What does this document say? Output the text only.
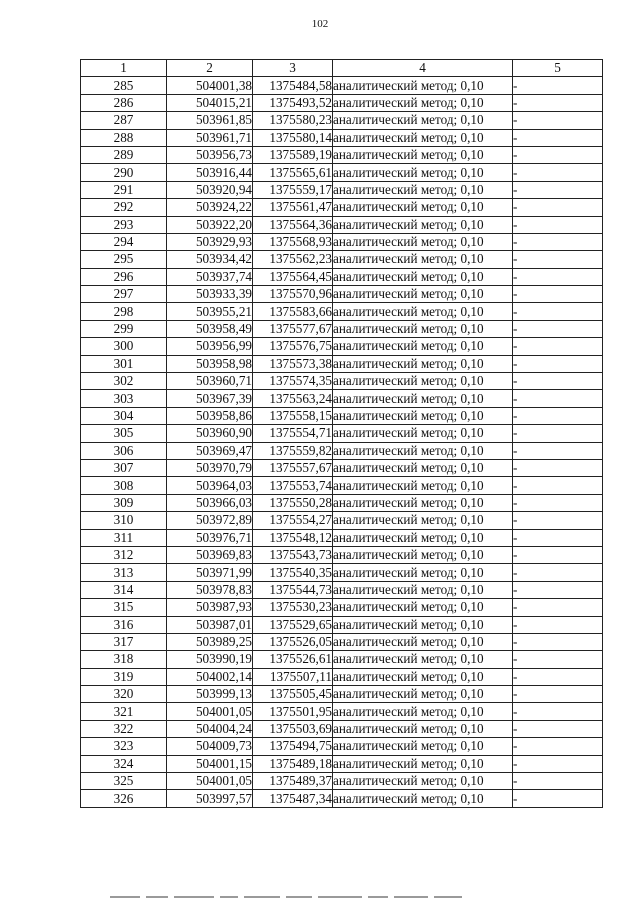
102
1	2	3	4	5
285	504001,38	1375484,58	аналитический метод; 0,10	-
286	504015,21	1375493,52	аналитический метод; 0,10	-
287	503961,85	1375580,23	аналитический метод; 0,10	-
288	503961,71	1375580,14	аналитический метод; 0,10	-
289	503956,73	1375589,19	аналитический метод; 0,10	-
290	503916,44	1375565,61	аналитический метод; 0,10	-
291	503920,94	1375559,17	аналитический метод; 0,10	-
292	503924,22	1375561,47	аналитический метод; 0,10	-
293	503922,20	1375564,36	аналитический метод; 0,10	-
294	503929,93	1375568,93	аналитический метод; 0,10	-
295	503934,42	1375562,23	аналитический метод; 0,10	-
296	503937,74	1375564,45	аналитический метод; 0,10	-
297	503933,39	1375570,96	аналитический метод; 0,10	-
298	503955,21	1375583,66	аналитический метод; 0,10	-
299	503958,49	1375577,67	аналитический метод; 0,10	-
300	503956,99	1375576,75	аналитический метод; 0,10	-
301	503958,98	1375573,38	аналитический метод; 0,10	-
302	503960,71	1375574,35	аналитический метод; 0,10	-
303	503967,39	1375563,24	аналитический метод; 0,10	-
304	503958,86	1375558,15	аналитический метод; 0,10	-
305	503960,90	1375554,71	аналитический метод; 0,10	-
306	503969,47	1375559,82	аналитический метод; 0,10	-
307	503970,79	1375557,67	аналитический метод; 0,10	-
308	503964,03	1375553,74	аналитический метод; 0,10	-
309	503966,03	1375550,28	аналитический метод; 0,10	-
310	503972,89	1375554,27	аналитический метод; 0,10	-
311	503976,71	1375548,12	аналитический метод; 0,10	-
312	503969,83	1375543,73	аналитический метод; 0,10	-
313	503971,99	1375540,35	аналитический метод; 0,10	-
314	503978,83	1375544,73	аналитический метод; 0,10	-
315	503987,93	1375530,23	аналитический метод; 0,10	-
316	503987,01	1375529,65	аналитический метод; 0,10	-
317	503989,25	1375526,05	аналитический метод; 0,10	-
318	503990,19	1375526,61	аналитический метод; 0,10	-
319	504002,14	1375507,11	аналитический метод; 0,10	-
320	503999,13	1375505,45	аналитический метод; 0,10	-
321	504001,05	1375501,95	аналитический метод; 0,10	-
322	504004,24	1375503,69	аналитический метод; 0,10	-
323	504009,73	1375494,75	аналитический метод; 0,10	-
324	504001,15	1375489,18	аналитический метод; 0,10	-
325	504001,05	1375489,37	аналитический метод; 0,10	-
326	503997,57	1375487,34	аналитический метод; 0,10	-
